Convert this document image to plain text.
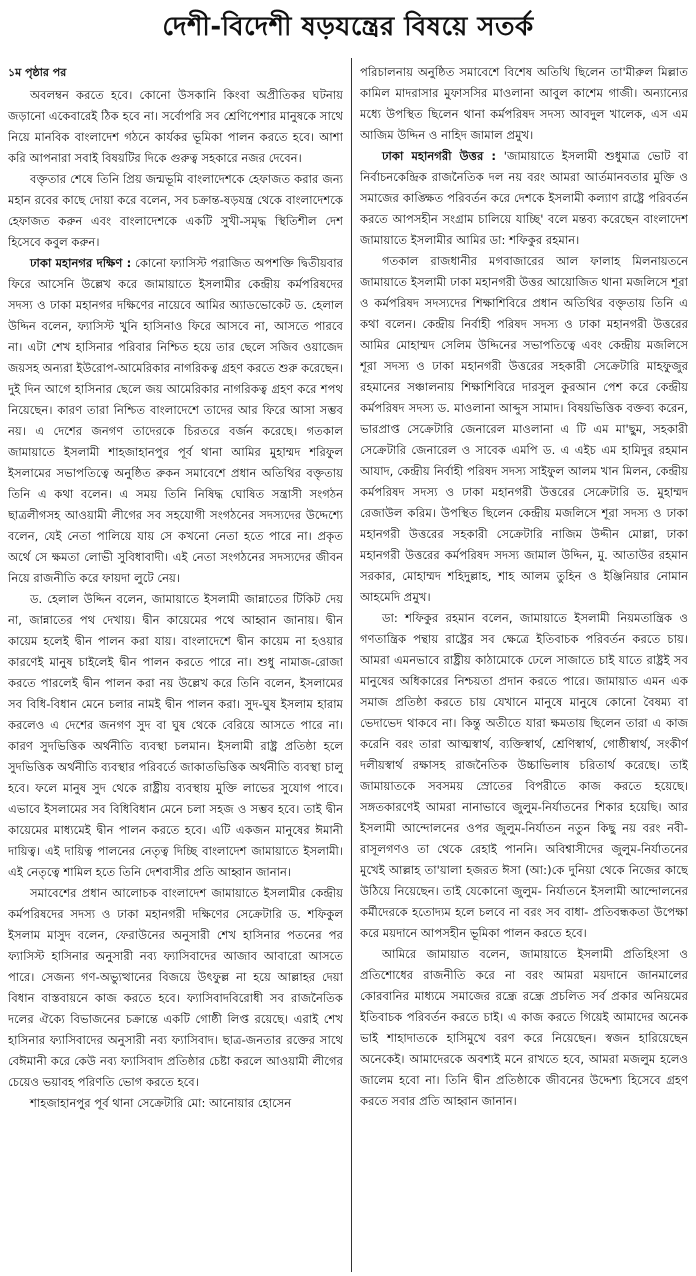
দেশী-বিদেশী ষড়যন্ত্রের বিষয়ে সতর্ক
১ম পৃষ্ঠার পর

অবলম্বন করতে হবে। কোনো উসকানি কিংবা অপ্রীতিকর ঘটনায় জড়ানো একেবারেই ঠিক হবে না। সর্বোপরি সব শ্রেণিপেশার মানুষকে সাথে নিয়ে মানবিক বাংলাদেশ গঠনে কার্যকর ভূমিকা পালন করতে হবে। আশা করি আপনারা সবাই বিষয়টির দিকে গুরুত্ব সহকারে নজর দেবেন।

বক্তৃতার শেষে তিনি প্রিয় জন্মভূমি বাংলাদেশকে হেফাজত করার জন্য মহান রবের কাছে দোয়া করে বলেন, সব চক্রান্ত-ষড়যন্ত্র থেকে বাংলাদেশকে হেফাজত করুন এবং বাংলাদেশকে একটি সুখী-সমৃদ্ধ স্থিতিশীল দেশ হিসেবে কবুল করুন।

ঢাকা মহানগর দক্ষিণ : কোনো ফ্যাসিস্ট পরাজিত অপশক্তি দ্বিতীয়বার ফিরে আসেনি উল্লেখ করে জামায়াতে ইসলামীর কেন্দ্রীয় কর্মপরিষদের সদস্য ও ঢাকা মহানগর দক্ষিণের নায়েবে আমির অ্যাডভোকেট ড. হেলাল উদ্দিন বলেন, ফ্যাসিস্ট খুনি হাসিনাও ফিরে আসবে না, আসতে পারবে না। এটা শেখ হাসিনার পরিবার নিশ্চিত হয়ে তার ছেলে সজিব ওয়াজেদ জয়সহ অন্যরা ইউরোপ-আমেরিকার নাগরিকত্ব গ্রহণ করতে শুরু করেছেন। দুই দিন আগে হাসিনার ছেলে জয় আমেরিকার নাগরিকত্ব গ্রহণ করে শপথ নিয়েছেন। কারণ তারা নিশ্চিত বাংলাদেশে তাদের আর ফিরে আসা সম্ভব নয়। এ দেশের জনগণ তাদেরকে চিরতরে বর্জন করেছে। গতকাল জামায়াতে ইসলামী শাহজাহানপুর পূর্ব থানা আমির মুহাম্মদ শরিফুল ইসলামের সভাপতিত্বে অনুষ্ঠিত রুকন সমাবেশে প্রধান অতিথির বক্তৃতায় তিনি এ কথা বলেন। এ সময় তিনি নিষিদ্ধ ঘোষিত সন্ত্রাসী সংগঠন ছাত্রলীগসহ আওয়ামী লীগের সব সহযোগী সংগঠনের সদস্যদের উদ্দেশ্যে বলেন, যেই নেতা পালিয়ে যায় সে কখনো নেতা হতে পারে না। প্রকৃত অর্থে সে ক্ষমতা লোভী সুবিধাবাদী। এই নেতা সংগঠনের সদস্যদের জীবন নিয়ে রাজনীতি করে ফায়দা লুটে নেয়।

ড. হেলাল উদ্দিন বলেন, জামায়াতে ইসলামী জান্নাতের টিকিট দেয় না, জান্নাতের পথ দেখায়। দ্বীন কায়েমের পথে আহ্বান জানায়। দ্বীন কায়েম হলেই দ্বীন পালন করা যায়। বাংলাদেশে দ্বীন কায়েম না হওয়ার কারণেই মানুষ চাইলেই দ্বীন পালন করতে পারে না। শুধু নামাজ-রোজা করতে পারলেই দ্বীন পালন করা নয় উল্লেখ করে তিনি বলেন, ইসলামের সব বিধি-বিধান মেনে চলার নামই দ্বীন পালন করা। সুদ-ঘুষ ইসলাম হারাম করলেও এ দেশের জনগণ সুদ বা ঘুষ থেকে বেরিয়ে আসতে পারে না। কারণ সুদভিত্তিক অর্থনীতি ব্যবস্থা চলমান। ইসলামী রাষ্ট্র প্রতিষ্ঠা হলে সুদভিত্তিক অর্থনীতি ব্যবস্থার পরিবর্তে জাকাতভিত্তিক অর্থনীতি ব্যবস্থা চালু হবে। ফলে মানুষ সুদ থেকে রাষ্ট্রীয় ব্যবস্থায় মুক্তি লাভের সুযোগ পাবে। এভাবে ইসলামের সব বিধিবিধান মেনে চলা সহজ ও সম্ভব হবে। তাই দ্বীন কায়েমের মাধ্যমেই দ্বীন পালন করতে হবে। এটি একজন মানুষের ঈমানী দায়িত্ব। এই দায়িত্ব পালনের নেতৃত্ব দিচ্ছি বাংলাদেশ জামায়াতে ইসলামী। এই নেতৃত্বে শামিল হতে তিনি দেশবাসীর প্রতি আহ্বান জানান।

সমাবেশের প্রধান আলোচক বাংলাদেশ জামায়াতে ইসলামীর কেন্দ্রীয় কর্মপরিষদের সদস্য ও ঢাকা মহানগরী দক্ষিণের সেক্রেটারি ড. শফিকুল ইসলাম মাসুদ বলেন, ফেরাউনের অনুসারী শেখ হাসিনার পতনের পর ফ্যাসিস্ট হাসিনার অনুসারী নব্য ফ্যাসিবাদের আজাব আবারো আসতে পারে। সেজন্য গণ-অভ্যুত্থানের বিজয়ে উৎফুল্ল না হয়ে আল্লাহর দেয়া বিধান বাস্তবায়নে কাজ করতে হবে। ফ্যাসিবাদবিরোধী সব রাজনৈতিক দলের ঐক্যে বিভাজনের চক্রান্তে একটি গোষ্ঠী লিপ্ত রয়েছে। এরাই শেখ হাসিনার ফ্যাসিবাদের অনুসারী নব্য ফ্যাসিবাদ। ছাত্র-জনতার রক্তের সাথে বেঈমানী করে কেউ নব্য ফ্যাসিবাদ প্রতিষ্ঠার চেষ্টা করলে আওয়ামী লীগের চেয়েও ভয়াবহ পরিণতি ভোগ করতে হবে।

শাহজাহানপুর পূর্ব থানা সেক্রেটারি মো: আনোয়ার হোসেন

পরিচালনায় অনুষ্ঠিত সমাবেশে বিশেষ অতিথি ছিলেন তা'মীরুল মিল্লাত কামিল মাদরাসার মুফাসসির মাওলানা আবুল কাশেম গাজী। অন্যান্যের মধ্যে উপস্থিত ছিলেন থানা কর্মপরিষদ সদস্য আবদুল খালেক, এস এম আজিম উদ্দিন ও নাহিদ জামাল প্রমুখ।

ঢাকা মহানগরী উত্তর : 'জামায়াতে ইসলামী শুধুমাত্র ভোট বা নির্বাচনকেন্দ্রিক রাজনৈতিক দল নয় বরং আমরা আর্তমানবতার মুক্তি ও সমাজের কাঙ্ক্ষিত পরিবর্তন করে দেশকে ইসলামী কল্যাণ রাষ্ট্রে পরিবর্তন করতে আপসহীন সংগ্রাম চালিয়ে যাচ্ছি' বলে মন্তব্য করেছেন বাংলাদেশ জামায়াতে ইসলামীর আমির ডা: শফিকুর রহমান।

গতকাল রাজধানীর মগবাজারের আল ফালাহ মিলনায়তনে জামায়াতে ইসলামী ঢাকা মহানগরী উত্তর আয়োজিত থানা মজলিসে শূরা ও কর্মপরিষদ সদস্যদের শিক্ষাশিবিরে প্রধান অতিথির বক্তৃতায় তিনি এ কথা বলেন। কেন্দ্রীয় নির্বাহী পরিষদ সদস্য ও ঢাকা মহানগরী উত্তরের আমির মোহাম্মদ সেলিম উদ্দিনের সভাপতিত্বে এবং কেন্দ্রীয় মজলিসে শূরা সদস্য ও ঢাকা মহানগরী উত্তরের সহকারী সেক্রেটারি মাহফুজুর রহমানের সঞ্চালনায় শিক্ষাশিবিরে দারসুল কুরআন পেশ করে কেন্দ্রীয় কর্মপরিষদ সদস্য ড. মাওলানা আব্দুস সামাদ। বিষয়ভিত্তিক বক্তব্য করেন, ভারপ্রাপ্ত সেক্রেটারি জেনারেল মাওলানা এ টি এম মা'ছুম, সহকারী সেক্রেটারি জেনারেল ও সাবেক এমপি ড. এ এইচ এম হামিদুর রহমান আযাদ, কেন্দ্রীয় নির্বাহী পরিষদ সদস্য সাইফুল আলম খান মিলন, কেন্দ্রীয় কর্মপরিষদ সদস্য ও ঢাকা মহানগরী উত্তরের সেক্রেটারি ড. মুহাম্মদ রেজাউল করিম। উপস্থিত ছিলেন কেন্দ্রীয় মজলিসে শূরা সদস্য ও ঢাকা মহানগরী উত্তরের সহকারী সেক্রেটারি নাজিম উদ্দীন মোল্লা, ঢাকা মহানগরী উত্তরের কর্মপরিষদ সদস্য জামাল উদ্দিন, মু. আতাউর রহমান সরকার, মোহাম্মদ শহিদুল্লাহ, শাহ আলম তুহিন ও ইঞ্জিনিয়ার নোমান আহমেদি প্রমুখ।

ডা: শফিকুর রহমান বলেন, জামায়াতে ইসলামী নিয়মতান্ত্রিক ও গণতান্ত্রিক পন্থায় রাষ্ট্রের সব ক্ষেত্রে ইতিবাচক পরিবর্তন করতে চায়। আমরা এমনভাবে রাষ্ট্রীয় কাঠামোকে ঢেলে সাজাতে চাই যাতে রাষ্ট্রই সব মানুষের অধিকারের নিশ্চয়তা প্রদান করতে পারে। জামায়াত এমন এক সমাজ প্রতিষ্ঠা করতে চায় যেখানে মানুষে মানুষে কোনো বৈষম্য বা ভেদাভেদ থাকবে না। কিন্তু অতীতে যারা ক্ষমতায় ছিলেন তারা এ কাজ করেনি বরং তারা আত্মস্বার্থ, ব্যক্তিস্বার্থ, শ্রেণিস্বার্থ, গোষ্ঠীস্বার্থ, সংকীর্ণ দলীয়স্বার্থ রক্ষাসহ রাজনৈতিক উচ্চাভিলাষ চরিতার্থ করেছে। তাই জামায়াতকে সবসময় স্রোতের বিপরীতে কাজ করতে হয়েছে। সঙ্গতকারণেই আমরা নানাভাবে জুলুম-নির্যাতনের শিকার হয়েছি। আর ইসলামী আন্দোলনের ওপর জুলুম-নির্যাতন নতুন কিছু নয় বরং নবী-রাসূলগণও তা থেকে রেহাই পাননি। অবিশ্বাসীদের জুলুম-নির্যাতনের মুখেই আল্লাহ তা'য়ালা হজরত ঈসা (আ:)কে দুনিয়া থেকে নিজের কাছে উঠিয়ে নিয়েছেন। তাই যেকোনো জুলুম- নির্যাতনে ইসলামী আন্দোলনের কর্মীদেরকে হতোদ্যম হলে চলবে না বরং সব বাধা- প্রতিবন্ধকতা উপেক্ষা করে ময়দানে আপসহীন ভূমিকা পালন করতে হবে।

আমিরে জামায়াত বলেন, জামায়াতে ইসলামী প্রতিহিংসা ও প্রতিশোধের রাজনীতি করে না বরং আমরা ময়দানে জানমালের কোরবানির মাধ্যমে সমাজের রন্ধ্রে রন্ধ্রে প্রচলিত সর্ব প্রকার অনিয়মের ইতিবাচক পরিবর্তন করতে চাই। এ কাজ করতে গিয়েই আমাদের অনেক ভাই শাহাদাতকে হাসিমুখে বরণ করে নিয়েছেন। স্বজন হারিয়েছেন অনেকেই। আমাদেরকে অবশ্যই মনে রাখতে হবে, আমরা মজলুম হলেও জালেম হবো না। তিনি দ্বীন প্রতিষ্ঠাকে জীবনের উদ্দেশ্য হিসেবে গ্রহণ করতে সবার প্রতি আহ্বান জানান।
